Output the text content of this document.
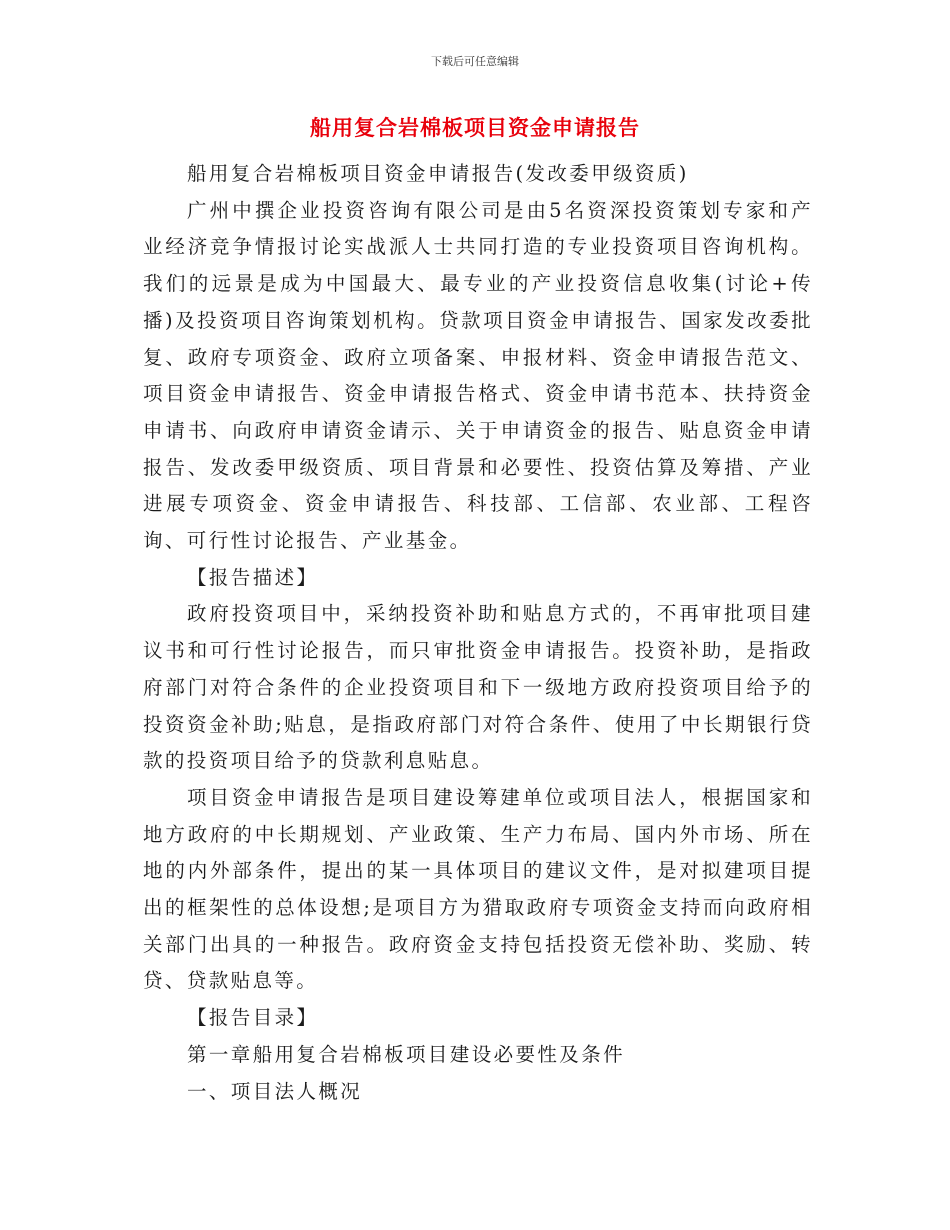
下载后可任意编辑
船用复合岩棉板项目资金申请报告

船用复合岩棉板项目资金申请报告(发改委甲级资质)

广州中撰企业投资咨询有限公司是由5名资深投资策划专家和产业经济竞争情报讨论实战派人士共同打造的专业投资项目咨询机构。我们的远景是成为中国最大、最专业的产业投资信息收集(讨论+传播)及投资项目咨询策划机构。贷款项目资金申请报告、国家发改委批复、政府专项资金、政府立项备案、申报材料、资金申请报告范文、项目资金申请报告、资金申请报告格式、资金申请书范本、扶持资金申请书、向政府申请资金请示、关于申请资金的报告、贴息资金申请报告、发改委甲级资质、项目背景和必要性、投资估算及筹措、产业进展专项资金、资金申请报告、科技部、工信部、农业部、工程咨询、可行性讨论报告、产业基金。

【报告描述】

政府投资项目中，采纳投资补助和贴息方式的，不再审批项目建议书和可行性讨论报告，而只审批资金申请报告。投资补助，是指政府部门对符合条件的企业投资项目和下一级地方政府投资项目给予的投资资金补助;贴息，是指政府部门对符合条件、使用了中长期银行贷款的投资项目给予的贷款利息贴息。

项目资金申请报告是项目建设筹建单位或项目法人，根据国家和地方政府的中长期规划、产业政策、生产力布局、国内外市场、所在地的内外部条件，提出的某一具体项目的建议文件，是对拟建项目提出的框架性的总体设想;是项目方为猎取政府专项资金支持而向政府相关部门出具的一种报告。政府资金支持包括投资无偿补助、奖励、转贷、贷款贴息等。

【报告目录】

第一章船用复合岩棉板项目建设必要性及条件

一、项目法人概况
